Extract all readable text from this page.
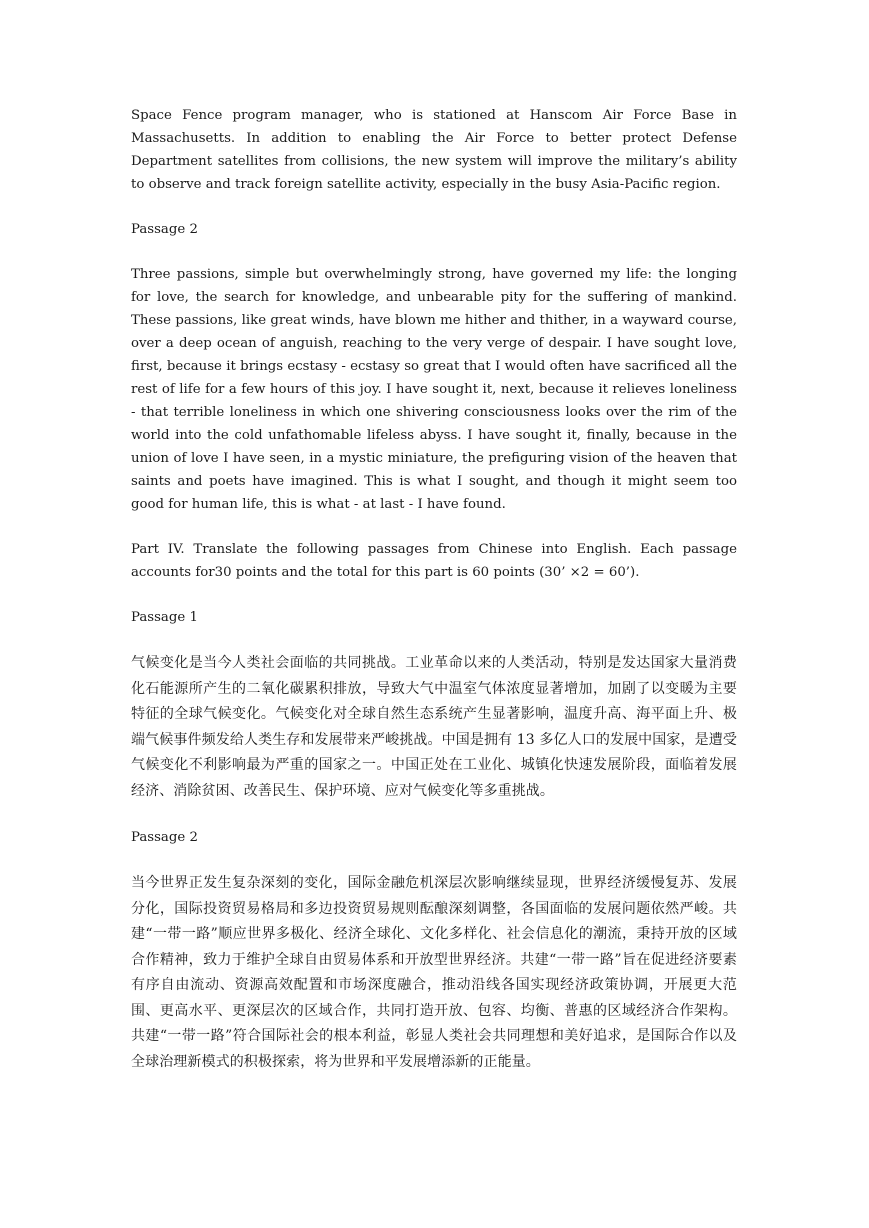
Space Fence program manager, who is stationed at Hanscom Air Force Base in Massachusetts. In addition to enabling the Air Force to better protect Defense Department satellites from collisions, the new system will improve the military’s ability to observe and track foreign satellite activity, especially in the busy Asia-Pacific region.

Passage 2

Three passions, simple but overwhelmingly strong, have governed my life: the longing for love, the search for knowledge, and unbearable pity for the suffering of mankind. These passions, like great winds, have blown me hither and thither, in a wayward course, over a deep ocean of anguish, reaching to the very verge of despair. I have sought love, first, because it brings ecstasy - ecstasy so great that I would often have sacrificed all the rest of life for a few hours of this joy. I have sought it, next, because it relieves loneliness - that terrible loneliness in which one shivering consciousness looks over the rim of the world into the cold unfathomable lifeless abyss. I have sought it, finally, because in the union of love I have seen, in a mystic miniature, the prefiguring vision of the heaven that saints and poets have imagined. This is what I sought, and though it might seem too good for human life, this is what - at last - I have found.

Part IV. Translate the following passages from Chinese into English. Each passage accounts for30 points and the total for this part is 60 points (30’ ×2 = 60’).

Passage 1

气候变化是当今人类社会面临的共同挑战。工业革命以来的人类活动，特别是发达国家大量消费化石能源所产生的二氧化碳累积排放，导致大气中温室气体浓度显著增加，加剧了以变暖为主要特征的全球气候变化。气候变化对全球自然生态系统产生显著影响，温度升高、海平面上升、极端气候事件频发给人类生存和发展带来严峻挑战。中国是拥有 13 多亿人口的发展中国家，是遭受气候变化不利影响最为严重的国家之一。中国正处在工业化、城镇化快速发展阶段，面临着发展经济、消除贫困、改善民生、保护环境、应对气候变化等多重挑战。

Passage 2

当今世界正发生复杂深刻的变化，国际金融危机深层次影响继续显现，世界经济缓慢复苏、发展分化，国际投资贸易格局和多边投资贸易规则酝酿深刻调整，各国面临的发展问题依然严峻。共建“一带一路”顺应世界多极化、经济全球化、文化多样化、社会信息化的潮流，秉持开放的区域合作精神，致力于维护全球自由贸易体系和开放型世界经济。共建“一带一路”旨在促进经济要素有序自由流动、资源高效配置和市场深度融合，推动沿线各国实现经济政策协调，开展更大范围、更高水平、更深层次的区域合作，共同打造开放、包容、均衡、普惠的区域经济合作架构。共建“一带一路”符合国际社会的根本利益，彰显人类社会共同理想和美好追求，是国际合作以及全球治理新模式的积极探索，将为世界和平发展增添新的正能量。
